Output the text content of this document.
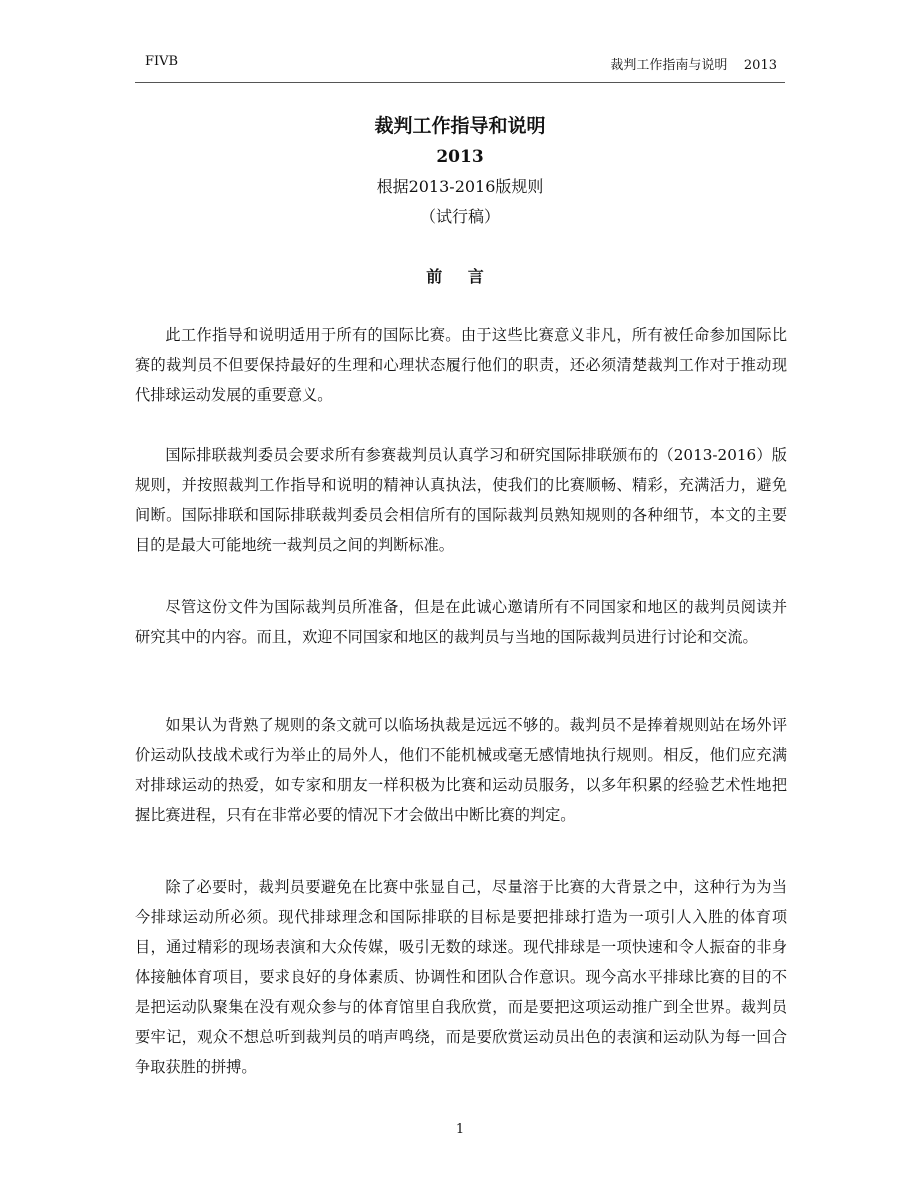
FIVB	裁判工作指南与说明    2013
裁判工作指导和说明
2013
根据2013-2016版规则
（试行稿）
前 言
此工作指导和说明适用于所有的国际比赛。由于这些比赛意义非凡，所有被任命参加国际比赛的裁判员不但要保持最好的生理和心理状态履行他们的职责，还必须清楚裁判工作对于推动现代排球运动发展的重要意义。
国际排联裁判委员会要求所有参赛裁判员认真学习和研究国际排联颁布的（2013-2016）版规则，并按照裁判工作指导和说明的精神认真执法，使我们的比赛顺畅、精彩，充满活力，避免间断。国际排联和国际排联裁判委员会相信所有的国际裁判员熟知规则的各种细节，本文的主要目的是最大可能地统一裁判员之间的判断标准。
尽管这份文件为国际裁判员所准备，但是在此诚心邀请所有不同国家和地区的裁判员阅读并研究其中的内容。而且，欢迎不同国家和地区的裁判员与当地的国际裁判员进行讨论和交流。
如果认为背熟了规则的条文就可以临场执裁是远远不够的。裁判员不是捧着规则站在场外评价运动队技战术或行为举止的局外人，他们不能机械或毫无感情地执行规则。相反，他们应充满对排球运动的热爱，如专家和朋友一样积极为比赛和运动员服务，以多年积累的经验艺术性地把握比赛进程，只有在非常必要的情况下才会做出中断比赛的判定。
除了必要时，裁判员要避免在比赛中张显自己，尽量溶于比赛的大背景之中，这种行为为当今排球运动所必须。现代排球理念和国际排联的目标是要把排球打造为一项引人入胜的体育项目，通过精彩的现场表演和大众传媒，吸引无数的球迷。现代排球是一项快速和令人振奋的非身体接触体育项目，要求良好的身体素质、协调性和团队合作意识。现今高水平排球比赛的目的不是把运动队聚集在没有观众参与的体育馆里自我欣赏，而是要把这项运动推广到全世界。裁判员要牢记，观众不想总听到裁判员的哨声鸣绕，而是要欣赏运动员出色的表演和运动队为每一回合争取获胜的拼搏。
1
